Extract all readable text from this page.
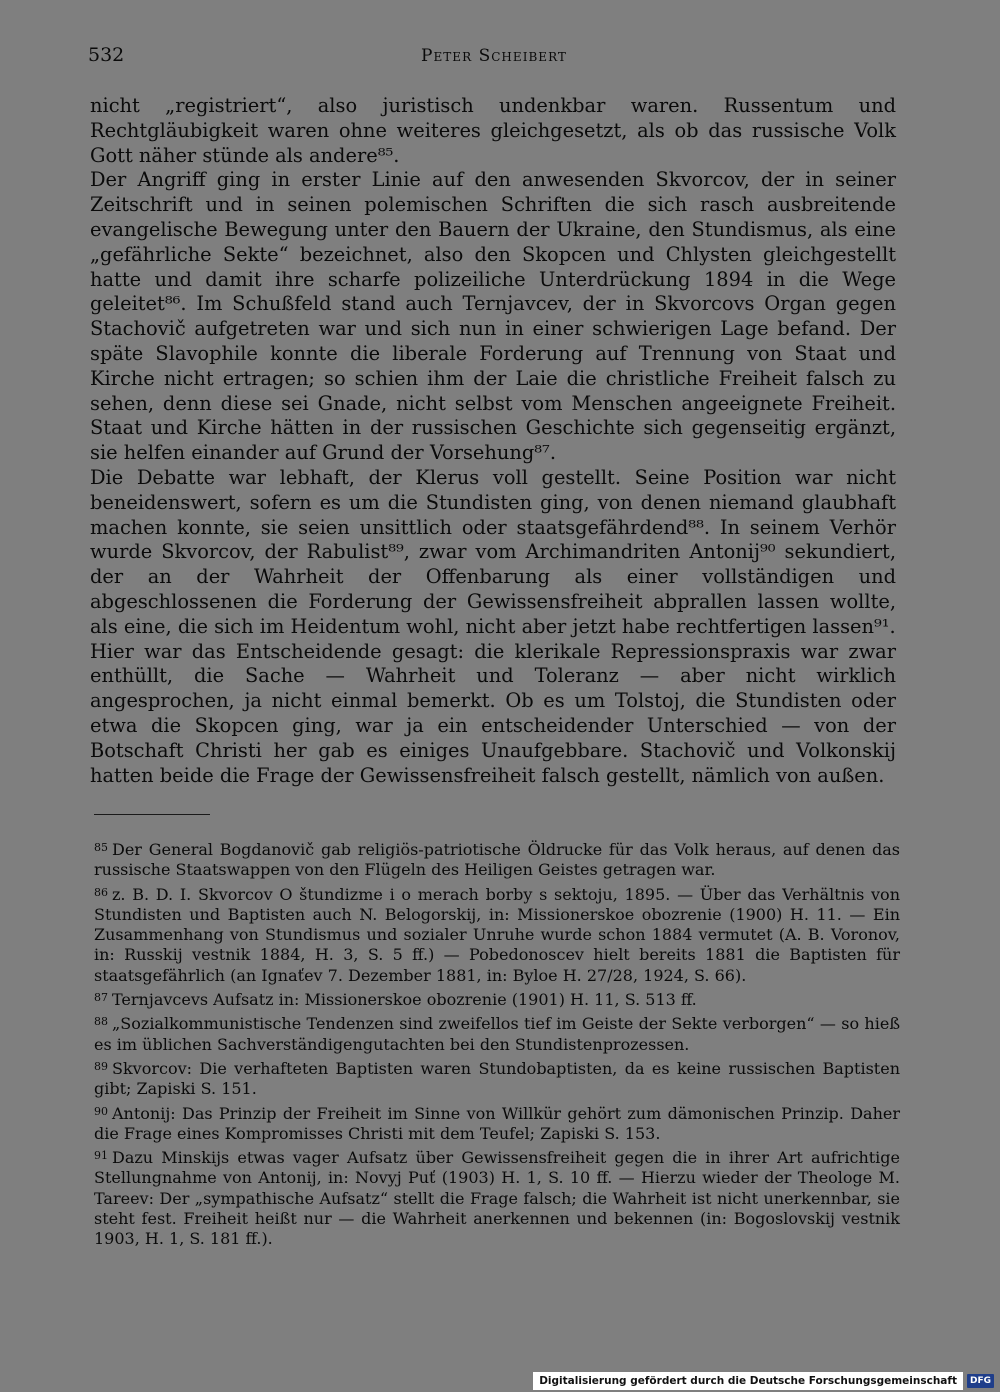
532	Peter Scheibert

nicht „registriert“, also juristisch undenkbar waren. Russentum und Rechtgläubigkeit waren ohne weiteres gleichgesetzt, als ob das russische Volk Gott näher stünde als andere⁸⁵.

Der Angriff ging in erster Linie auf den anwesenden Skvorcov, der in seiner Zeitschrift und in seinen polemischen Schriften die sich rasch ausbreitende evangelische Bewegung unter den Bauern der Ukraine, den Stundismus, als eine „gefährliche Sekte“ bezeichnet, also den Skopcen und Chlysten gleichgestellt hatte und damit ihre scharfe polizeiliche Unterdrückung 1894 in die Wege geleitet⁸⁶. Im Schußfeld stand auch Ternjavcev, der in Skvorcovs Organ gegen Stachovič aufgetreten war und sich nun in einer schwierigen Lage befand. Der späte Slavophile konnte die liberale Forderung auf Trennung von Staat und Kirche nicht ertragen; so schien ihm der Laie die christliche Freiheit falsch zu sehen, denn diese sei Gnade, nicht selbst vom Menschen angeeignete Freiheit. Staat und Kirche hätten in der russischen Geschichte sich gegenseitig ergänzt, sie helfen einander auf Grund der Vorsehung⁸⁷.

Die Debatte war lebhaft, der Klerus voll gestellt. Seine Position war nicht beneidenswert, sofern es um die Stundisten ging, von denen niemand glaubhaft machen konnte, sie seien unsittlich oder staatsgefährdend⁸⁸. In seinem Verhör wurde Skvorcov, der Rabulist⁸⁹, zwar vom Archimandriten Antonij⁹⁰ sekundiert, der an der Wahrheit der Offenbarung als einer vollständigen und abgeschlossenen die Forderung der Gewissensfreiheit abprallen lassen wollte, als eine, die sich im Heidentum wohl, nicht aber jetzt habe rechtfertigen lassen⁹¹.

Hier war das Entscheidende gesagt: die klerikale Repressionspraxis war zwar enthüllt, die Sache — Wahrheit und Toleranz — aber nicht wirklich angesprochen, ja nicht einmal bemerkt. Ob es um Tolstoj, die Stundisten oder etwa die Skopcen ging, war ja ein entscheidender Unterschied — von der Botschaft Christi her gab es einiges Unaufgebbare. Stachovič und Volkonskij hatten beide die Frage der Gewissensfreiheit falsch gestellt, nämlich von außen.

$^{85}$ Der General Bogdanovič gab religiös-patriotische Öldrucke für das Volk heraus, auf denen das russische Staatswappen von den Flügeln des Heiligen Geistes getragen war.

$^{86}$ z. B. D. I. Skvorcov O štundizme i o merach borby s sektoju, 1895. — Über das Verhältnis von Stundisten und Baptisten auch N. Belogorskij, in: Missionerskoe obozrenie (1900) H. 11. — Ein Zusammenhang von Stundismus und sozialer Unruhe wurde schon 1884 vermutet (A. B. Voronov, in: Russkij vestnik 1884, H. 3, S. 5 ff.) — Pobedonoscev hielt bereits 1881 die Baptisten für staatsgefährlich (an Ignaťev 7. Dezember 1881, in: Byloe H. 27/28, 1924, S. 66).

$^{87}$ Ternjavcevs Aufsatz in: Missionerskoe obozrenie (1901) H. 11, S. 513 ff.

$^{88}$ „Sozialkommunistische Tendenzen sind zweifellos tief im Geiste der Sekte verborgen“ — so hieß es im üblichen Sachverständigengutachten bei den Stundistenprozessen.

$^{89}$ Skvorcov: Die verhafteten Baptisten waren Stundobaptisten, da es keine russischen Baptisten gibt; Zapiski S. 151.

$^{90}$ Antonij: Das Prinzip der Freiheit im Sinne von Willkür gehört zum dämonischen Prinzip. Daher die Frage eines Kompromisses Christi mit dem Teufel; Zapiski S. 153.

$^{91}$ Dazu Minskijs etwas vager Aufsatz über Gewissensfreiheit gegen die in ihrer Art aufrichtige Stellungnahme von Antonij, in: Novyj Puť (1903) H. 1, S. 10 ff. — Hierzu wieder der Theologe M. Tareev: Der „sympathische Aufsatz“ stellt die Frage falsch; die Wahrheit ist nicht unerkennbar, sie steht fest. Freiheit heißt nur — die Wahrheit anerkennen und bekennen (in: Bogoslovskij vestnik 1903, H. 1, S. 181 ff.).

Digitalisierung gefördert durch die Deutsche Forschungsgemeinschaft	DFG
